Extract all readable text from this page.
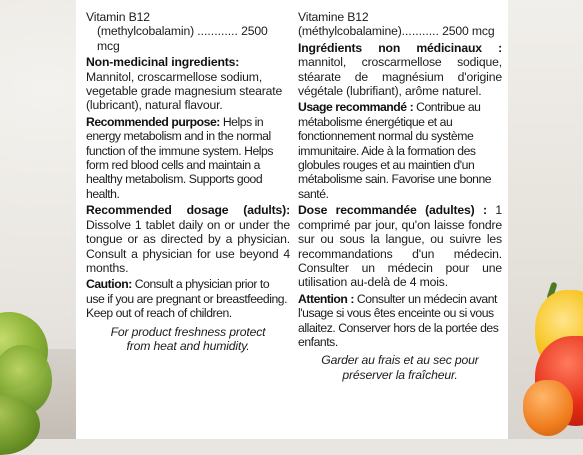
Vitamin B12
(methylcobalamin) ............ 2500 mcg

Non-medicinal ingredients: Mannitol, croscarmellose sodium, vegetable grade magnesium stearate (lubricant), natural flavour.

Recommended purpose: Helps in energy metabolism and in the normal function of the immune system. Helps form red blood cells and maintain a healthy metabolism. Supports good health.

Recommended dosage (adults): Dissolve 1 tablet daily on or under the tongue or as directed by a physician. Consult a physician for use beyond 4 months.

Caution: Consult a physician prior to use if you are pregnant or breastfeeding. Keep out of reach of children.

For product freshness protect
from heat and humidity.

Vitamine B12
(méthylcobalamine)........... 2500 mcg

Ingrédients non médicinaux : mannitol, croscarmellose sodique, stéarate de magnésium d'origine végétale (lubrifiant), arôme naturel.

Usage recommandé : Contribue au métabolisme énergétique et au fonctionnement normal du système immunitaire. Aide à la formation des globules rouges et au maintien d'un métabolisme sain. Favorise une bonne santé.

Dose recommandée (adultes) : 1 comprimé par jour, qu'on laisse fondre sur ou sous la langue, ou suivre les recommandations d'un médecin. Consulter un médecin pour une utilisation au-delà de 4 mois.

Attention : Consulter un médecin avant l'usage si vous êtes enceinte ou si vous allaitez. Conserver hors de la portée des enfants.

Garder au frais et au sec pour
préserver la fraîcheur.
